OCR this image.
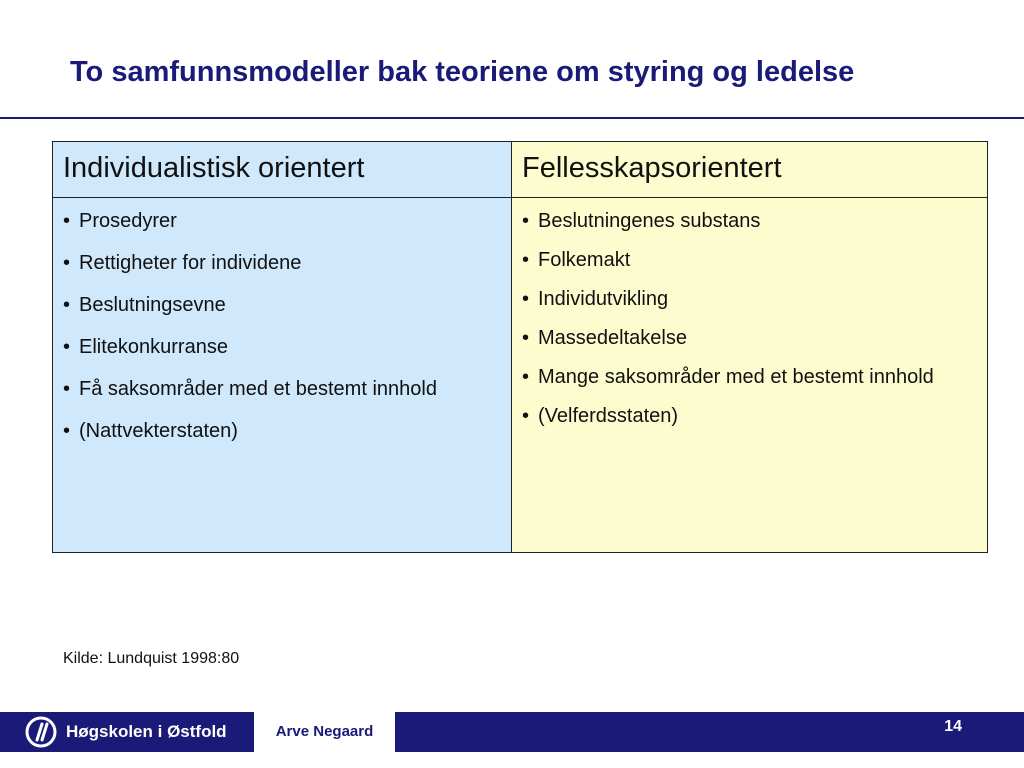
To samfunnsmodeller bak teoriene om styring og ledelse
Individualistisk orientert
• Prosedyrer
• Rettigheter for individene
• Beslutningsevne
• Elitekonkurranse
• Få saksområder med et bestemt innhold
• (Nattvekterstaten)
Fellesskapsorientert
• Beslutningenes substans
• Folkemakt
• Individutvikling
• Massedeltakelse
• Mange saksområder med et bestemt innhold
• (Velferdsstaten)
Kilde: Lundquist 1998:80
Høgskolen i Østfold	Arve Negaard	14
